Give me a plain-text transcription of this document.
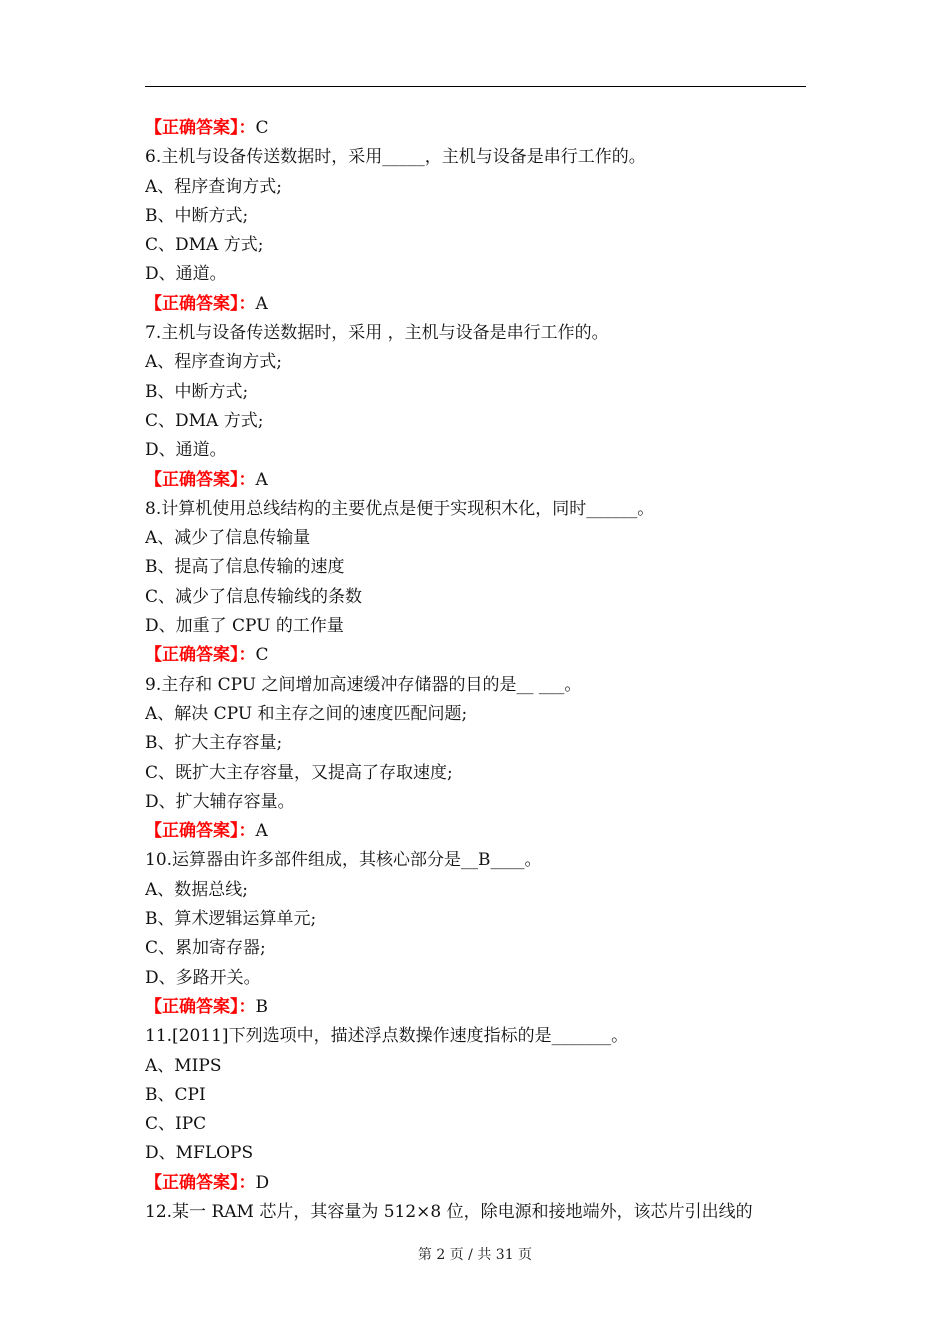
【正确答案】：C
6.主机与设备传送数据时，采用_____，主机与设备是串行工作的。
A、程序查询方式;
B、中断方式;
C、DMA 方式;
D、通道。
【正确答案】：A
7.主机与设备传送数据时，采用 ，主机与设备是串行工作的。
A、程序查询方式;
B、中断方式;
C、DMA 方式;
D、通道。
【正确答案】：A
8.计算机使用总线结构的主要优点是便于实现积木化，同时______。
A、减少了信息传输量
B、提高了信息传输的速度
C、减少了信息传输线的条数
D、加重了 CPU 的工作量
【正确答案】：C
9.主存和 CPU 之间增加高速缓冲存储器的目的是__ ___。
A、解决 CPU 和主存之间的速度匹配问题;
B、扩大主存容量;
C、既扩大主存容量，又提高了存取速度;
D、扩大辅存容量。
【正确答案】：A
10.运算器由许多部件组成，其核心部分是__B____。
A、数据总线;
B、算术逻辑运算单元;
C、累加寄存器;
D、多路开关。
【正确答案】：B
11.[2011]下列选项中，描述浮点数操作速度指标的是_______。
A、MIPS
B、CPI
C、IPC
D、MFLOPS
【正确答案】：D
12.某一 RAM 芯片，其容量为 512×8 位，除电源和接地端外，该芯片引出线的
第 2 页 / 共 31 页
